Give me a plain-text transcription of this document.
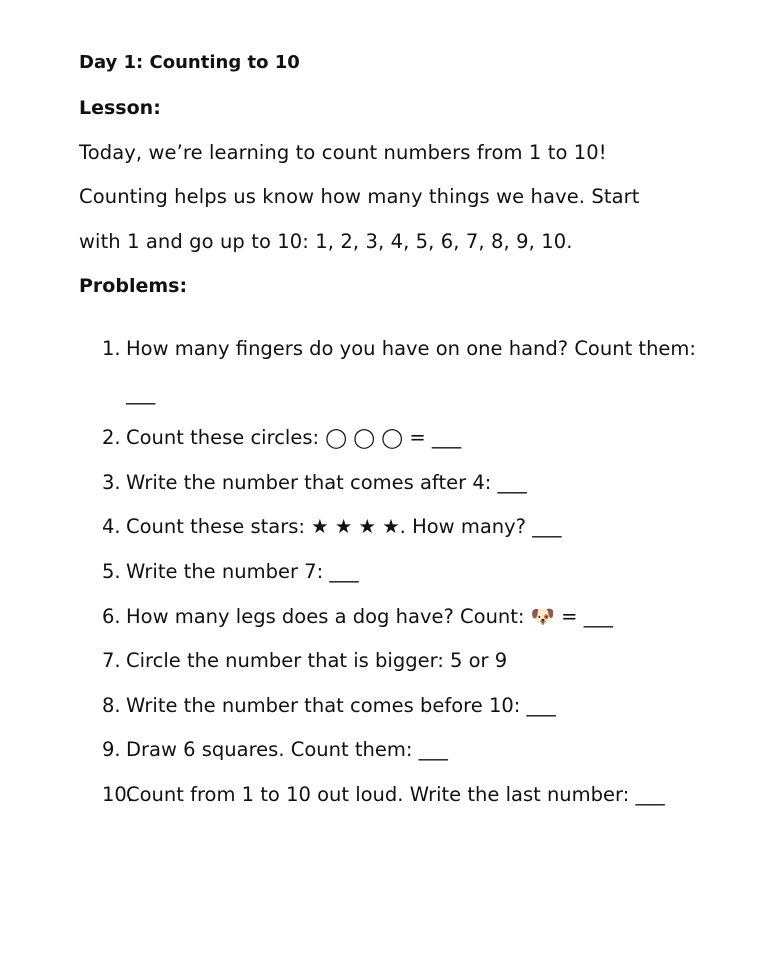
Day 1: Counting to 10
Lesson:
Today, we’re learning to count numbers from 1 to 10!
Counting helps us know how many things we have. Start
with 1 and go up to 10: 1, 2, 3, 4, 5, 6, 7, 8, 9, 10.
Problems:
1. How many fingers do you have on one hand? Count them: ___
2. Count these circles: ◯ ◯ ◯ = ___
3. Write the number that comes after 4: ___
4. Count these stars: ★ ★ ★ ★. How many? ___
5. Write the number 7: ___
6. How many legs does a dog have? Count: 🐶 = ___
7. Circle the number that is bigger: 5 or 9
8. Write the number that comes before 10: ___
9. Draw 6 squares. Count them: ___
10.
Count from 1 to 10 out loud. Write the last number: ___
